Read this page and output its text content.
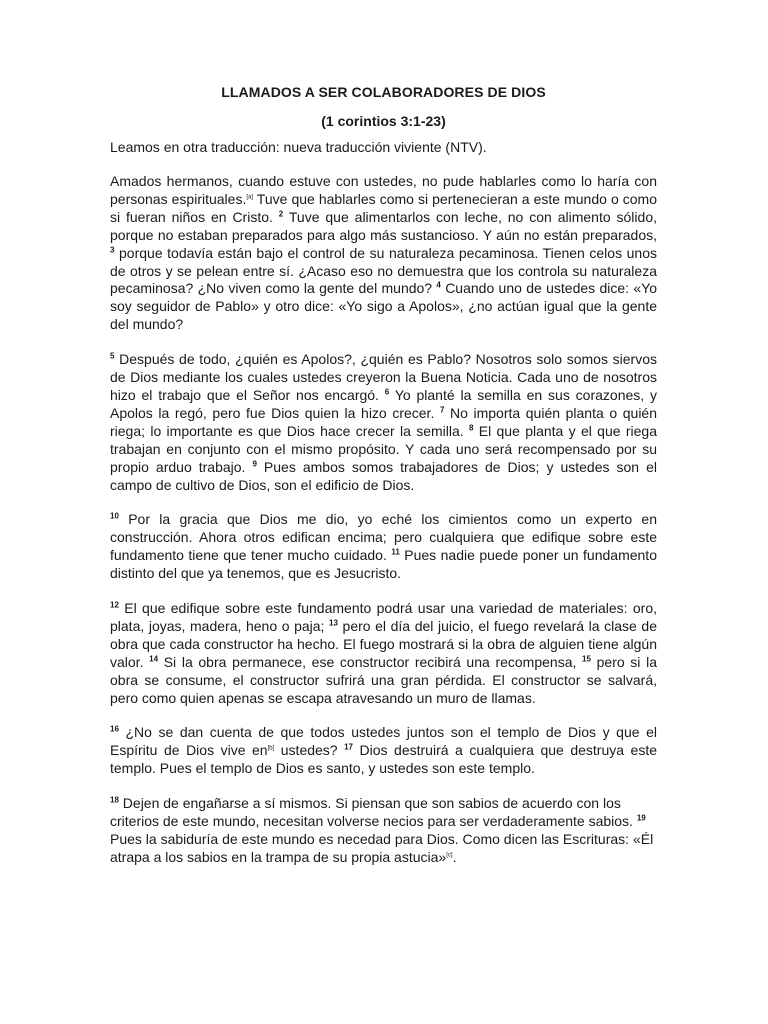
LLAMADOS A SER COLABORADORES DE DIOS

(1 corintios 3:1-23)

Leamos en otra traducción: nueva traducción viviente (NTV).

Amados hermanos, cuando estuve con ustedes, no pude hablarles como lo haría con personas espirituales.[a] Tuve que hablarles como si pertenecieran a este mundo o como si fueran niños en Cristo. $^2$ Tuve que alimentarlos con leche, no con alimento sólido, porque no estaban preparados para algo más sustancioso. Y aún no están preparados, $^3$ porque todavía están bajo el control de su naturaleza pecaminosa. Tienen celos unos de otros y se pelean entre sí. ¿Acaso eso no demuestra que los controla su naturaleza pecaminosa? ¿No viven como la gente del mundo? $^4$ Cuando uno de ustedes dice: «Yo soy seguidor de Pablo» y otro dice: «Yo sigo a Apolos», ¿no actúan igual que la gente del mundo?

$^5$ Después de todo, ¿quién es Apolos?, ¿quién es Pablo? Nosotros solo somos siervos de Dios mediante los cuales ustedes creyeron la Buena Noticia. Cada uno de nosotros hizo el trabajo que el Señor nos encargó. $^6$ Yo planté la semilla en sus corazones, y Apolos la regó, pero fue Dios quien la hizo crecer. $^7$ No importa quién planta o quién riega; lo importante es que Dios hace crecer la semilla. $^8$ El que planta y el que riega trabajan en conjunto con el mismo propósito. Y cada uno será recompensado por su propio arduo trabajo. $^9$ Pues ambos somos trabajadores de Dios; y ustedes son el campo de cultivo de Dios, son el edificio de Dios.

$^{10}$ Por la gracia que Dios me dio, yo eché los cimientos como un experto en construcción. Ahora otros edifican encima; pero cualquiera que edifique sobre este fundamento tiene que tener mucho cuidado. $^{11}$ Pues nadie puede poner un fundamento distinto del que ya tenemos, que es Jesucristo.

$^{12}$ El que edifique sobre este fundamento podrá usar una variedad de materiales: oro, plata, joyas, madera, heno o paja; $^{13}$ pero el día del juicio, el fuego revelará la clase de obra que cada constructor ha hecho. El fuego mostrará si la obra de alguien tiene algún valor. $^{14}$ Si la obra permanece, ese constructor recibirá una recompensa, $^{15}$ pero si la obra se consume, el constructor sufrirá una gran pérdida. El constructor se salvará, pero como quien apenas se escapa atravesando un muro de llamas.

$^{16}$ ¿No se dan cuenta de que todos ustedes juntos son el templo de Dios y que el Espíritu de Dios vive en[b] ustedes? $^{17}$ Dios destruirá a cualquiera que destruya este templo. Pues el templo de Dios es santo, y ustedes son este templo.

$^{18}$ Dejen de engañarse a sí mismos. Si piensan que son sabios de acuerdo con los criterios de este mundo, necesitan volverse necios para ser verdaderamente sabios. $^{19}$ Pues la sabiduría de este mundo es necedad para Dios. Como dicen las Escrituras: «Él atrapa a los sabios en la trampa de su propia astucia»[c].
